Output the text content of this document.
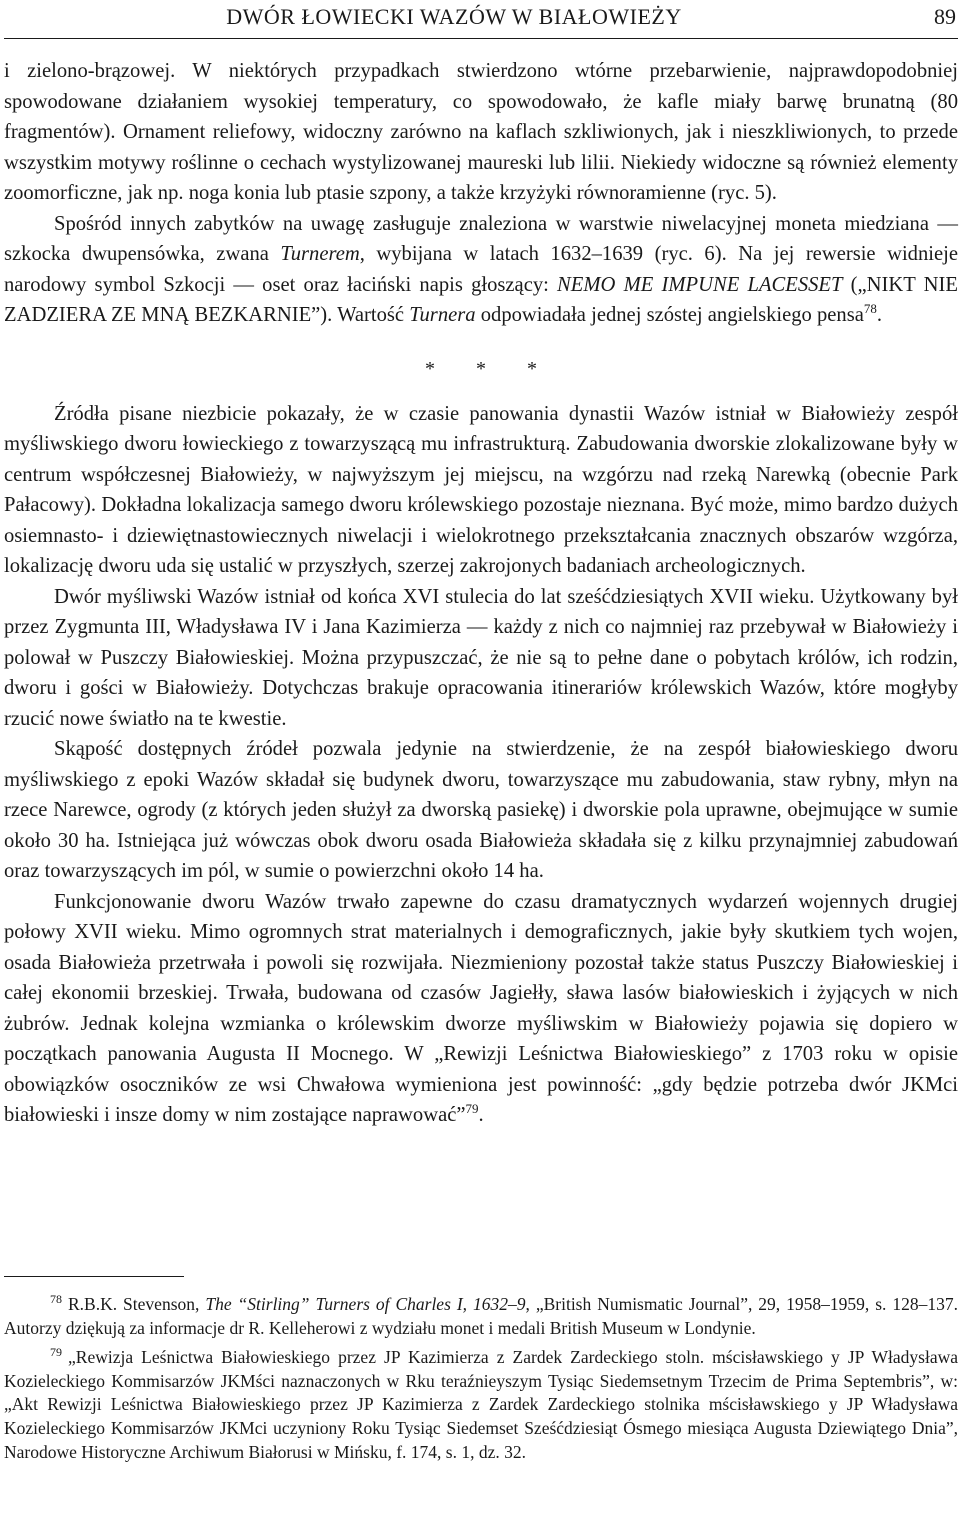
DWÓR ŁOWIECKI WAZÓW W BIAŁOWIEŻY	89

i zielono-brązowej. W niektórych przypadkach stwierdzono wtórne przebarwienie, najprawdopodobniej spowodowane działaniem wysokiej temperatury, co spowodowało, że kafle miały barwę brunatną (80 fragmentów). Ornament reliefowy, widoczny zarówno na kaflach szkliwionych, jak i nieszkliwionych, to przede wszystkim motywy roślinne o cechach wystylizowanej maureski lub lilii. Niekiedy widoczne są również elementy zoomorficzne, jak np. noga konia lub ptasie szpony, a także krzyżyki równoramienne (ryc. 5).

Spośród innych zabytków na uwagę zasługuje znaleziona w warstwie niwelacyjnej moneta miedziana — szkocka dwupensówka, zwana Turnerem, wybijana w latach 1632–1639 (ryc. 6). Na jej rewersie widnieje narodowy symbol Szkocji — oset oraz łaciński napis głoszący: NEMO ME IMPUNE LACESSET („NIKT NIE ZADZIERA ZE MNĄ BEZKARNIE”). Wartość Turnera odpowiadała jednej szóstej angielskiego pensa$^{78}$.

* * *

Źródła pisane niezbicie pokazały, że w czasie panowania dynastii Wazów istniał w Białowieży zespół myśliwskiego dworu łowieckiego z towarzyszącą mu infrastrukturą. Zabudowania dworskie zlokalizowane były w centrum współczesnej Białowieży, w najwyższym jej miejscu, na wzgórzu nad rzeką Narewką (obecnie Park Pałacowy). Dokładna lokalizacja samego dworu królewskiego pozostaje nieznana. Być może, mimo bardzo dużych osiemnasto- i dziewiętnastowiecznych niwelacji i wielokrotnego przekształcania znacznych obszarów wzgórza, lokalizację dworu uda się ustalić w przyszłych, szerzej zakrojonych badaniach archeologicznych.

Dwór myśliwski Wazów istniał od końca XVI stulecia do lat sześćdziesiątych XVII wieku. Użytkowany był przez Zygmunta III, Władysława IV i Jana Kazimierza — każdy z nich co najmniej raz przebywał w Białowieży i polował w Puszczy Białowieskiej. Można przypuszczać, że nie są to pełne dane o pobytach królów, ich rodzin, dworu i gości w Białowieży. Dotychczas brakuje opracowania itinerariów królewskich Wazów, które mogłyby rzucić nowe światło na te kwestie.

Skąpość dostępnych źródeł pozwala jedynie na stwierdzenie, że na zespół białowieskiego dworu myśliwskiego z epoki Wazów składał się budynek dworu, towarzyszące mu zabudowania, staw rybny, młyn na rzece Narewce, ogrody (z których jeden służył za dworską pasiekę) i dworskie pola uprawne, obejmujące w sumie około 30 ha. Istniejąca już wówczas obok dworu osada Białowieża składała się z kilku przynajmniej zabudowań oraz towarzyszących im pól, w sumie o powierzchni około 14 ha.

Funkcjonowanie dworu Wazów trwało zapewne do czasu dramatycznych wydarzeń wojennych drugiej połowy XVII wieku. Mimo ogromnych strat materialnych i demograficznych, jakie były skutkiem tych wojen, osada Białowieża przetrwała i powoli się rozwijała. Niezmieniony pozostał także status Puszczy Białowieskiej i całej ekonomii brzeskiej. Trwała, budowana od czasów Jagiełły, sława lasów białowieskich i żyjących w nich żubrów. Jednak kolejna wzmianka o królewskim dworze myśliwskim w Białowieży pojawia się dopiero w początkach panowania Augusta II Mocnego. W „Rewizji Leśnictwa Białowieskiego” z 1703 roku w opisie obowiązków osoczników ze wsi Chwałowa wymieniona jest powinność: „gdy będzie potrzeba dwór JKMci białowieski i insze domy w nim zostające naprawować”$^{79}$.

$^{78}$ R.B.K. Stevenson, The “Stirling” Turners of Charles I, 1632–9, „British Numismatic Journal”, 29, 1958–1959, s. 128–137. Autorzy dziękują za informacje dr R. Kelleherowi z wydziału monet i medali British Museum w Londynie.

$^{79}$ „Rewizja Leśnictwa Białowieskiego przez JP Kazimierza z Zardek Zardeckiego stoln. mścisławskiego y JP Władysława Kozieleckiego Kommisarzów JKMści naznaczonych w Rku teraźnieyszym Tysiąc Siedemsetnym Trzecim de Prima Septembris”, w: „Akt Rewizji Leśnictwa Białowieskiego przez JP Kazimierza z Zardek Zardeckiego stolnika mścisławskiego y JP Władysława Kozieleckiego Kommisarzów JKMci uczyniony Roku Tysiąc Siedemset Sześćdziesiąt Ósmego miesiąca Augusta Dziewiątego Dnia”, Narodowe Historyczne Archiwum Białorusi w Mińsku, f. 174, s. 1, dz. 32.
